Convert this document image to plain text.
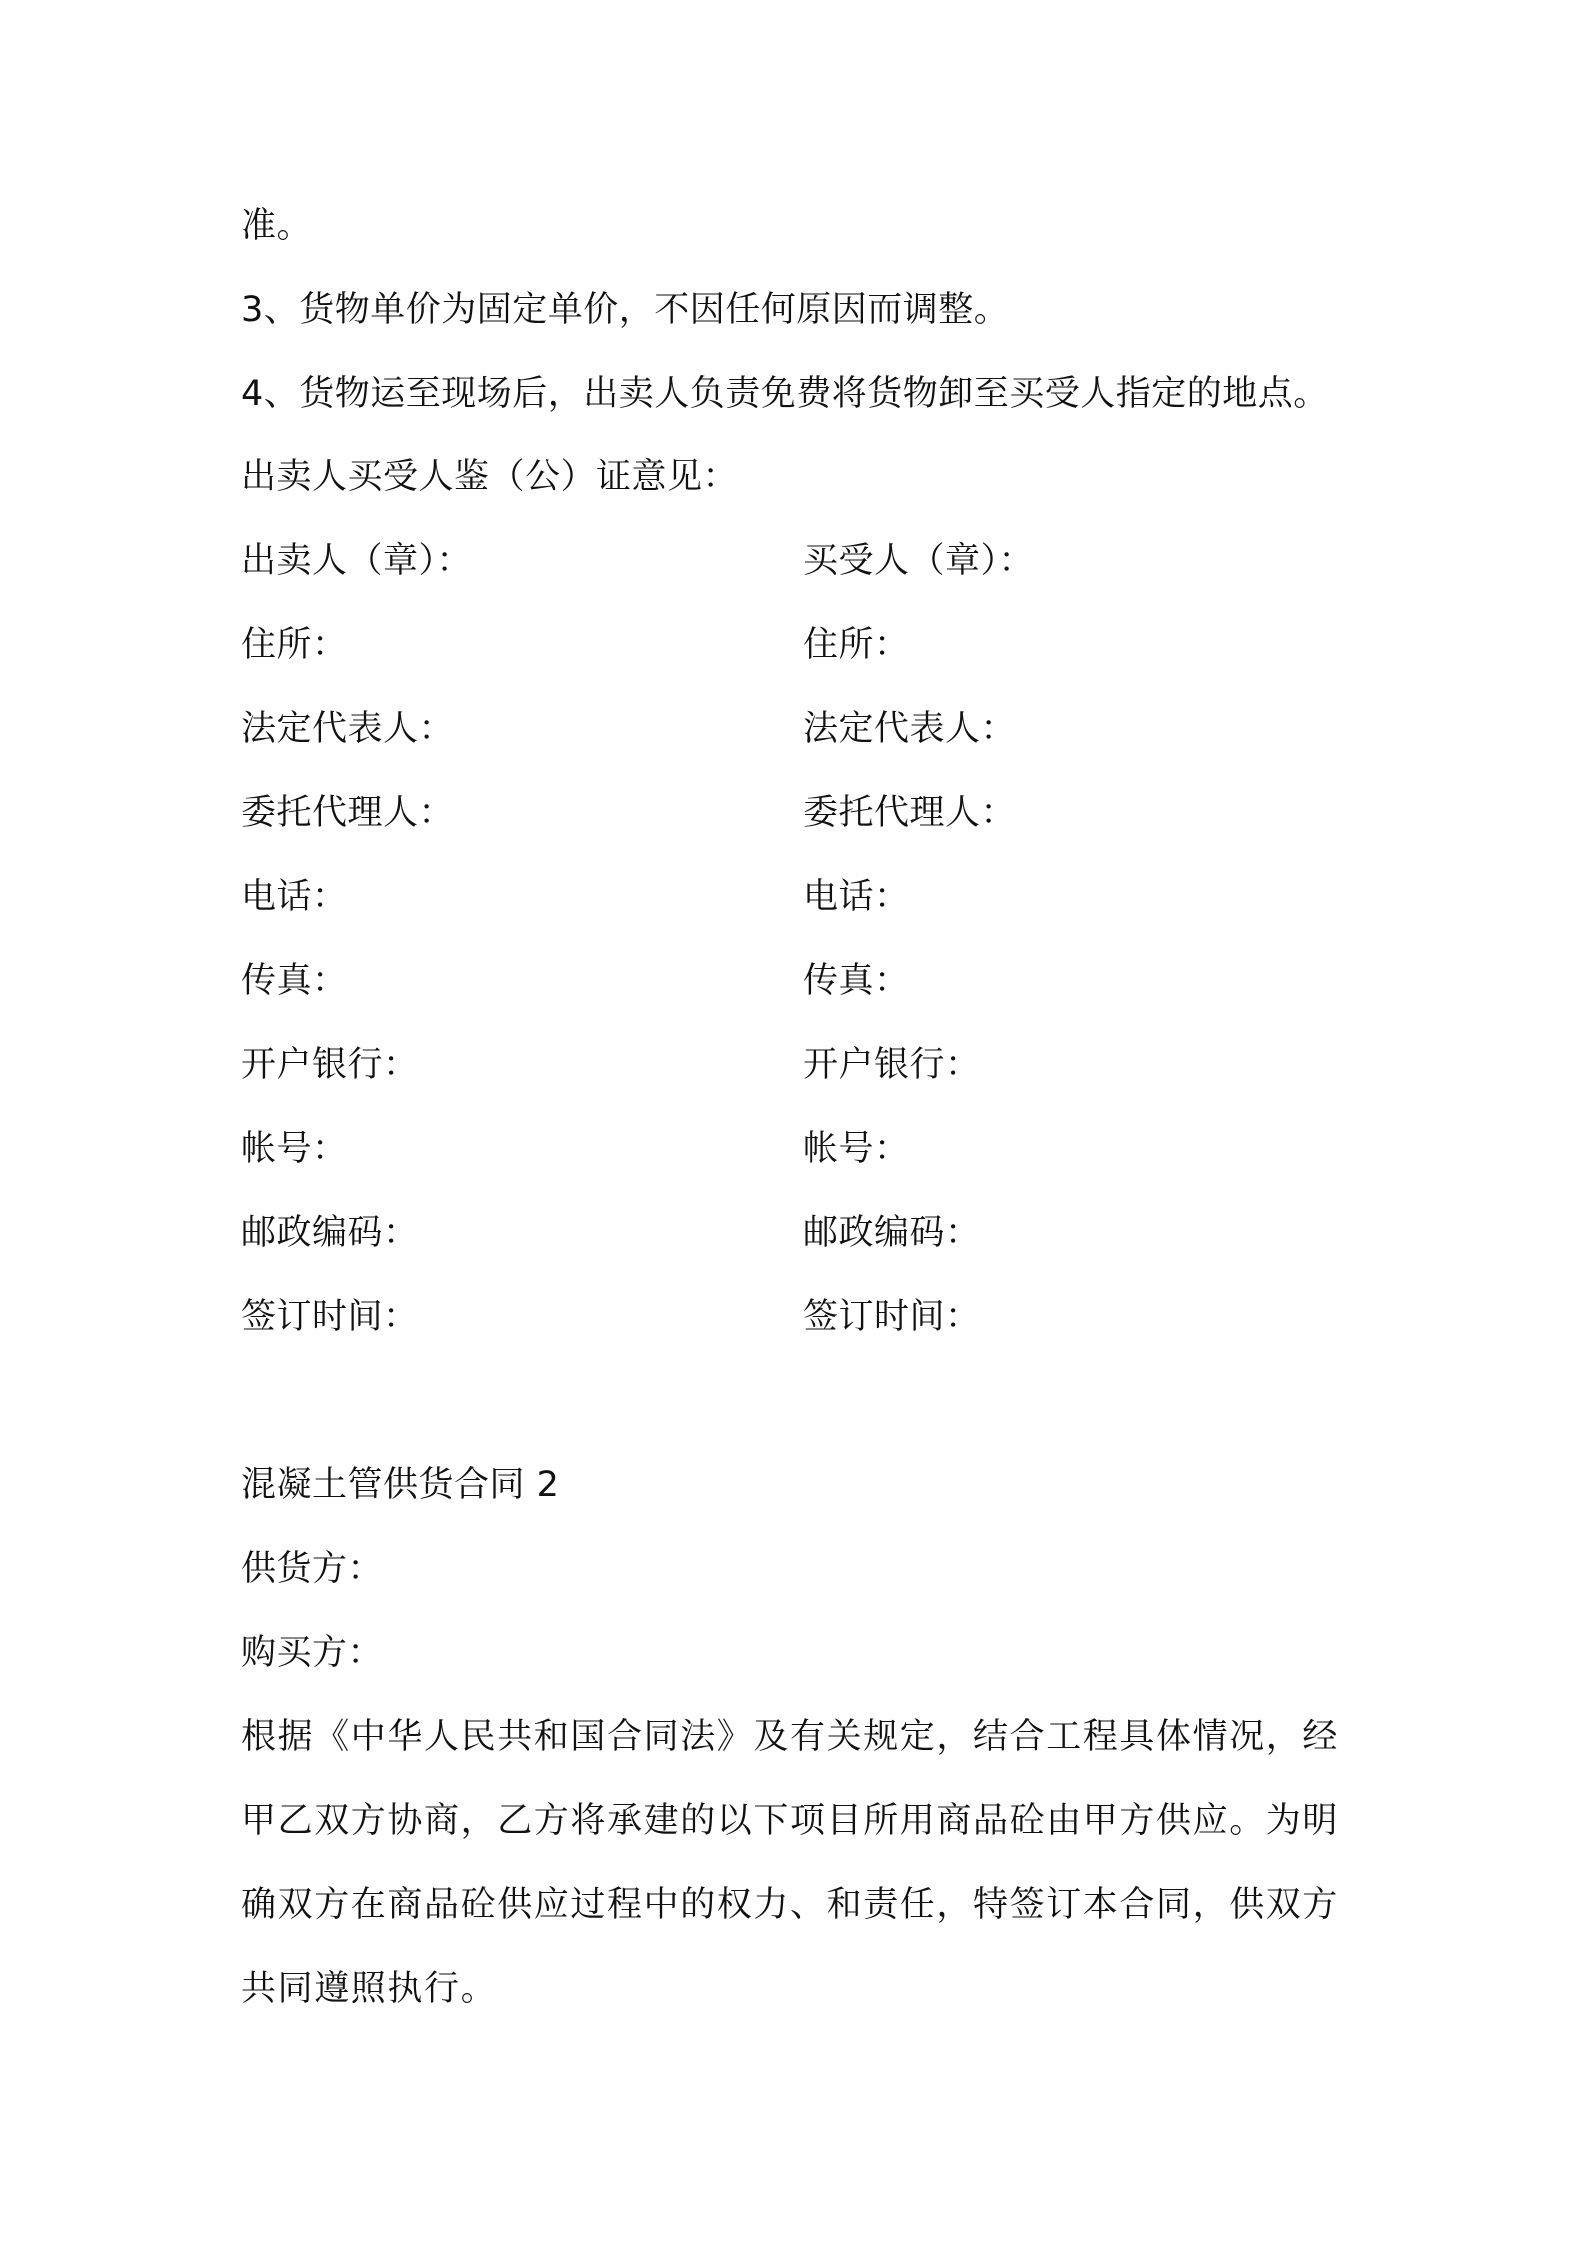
准。
3、货物单价为固定单价，不因任何原因而调整。
4、货物运至现场后，出卖人负责免费将货物卸至买受人指定的地点。
出卖人买受人鉴（公）证意见：
出卖人（章）：	买受人（章）：
住所：	住所：
法定代表人：	法定代表人：
委托代理人：	委托代理人：
电话：	电话：
传真：	传真：
开户银行：	开户银行：
帐号：	帐号：
邮政编码：	邮政编码：
签订时间：	签订时间：
混凝土管供货合同 2
供货方：
购买方：
根据《中华人民共和国合同法》及有关规定，结合工程具体情况，经
甲乙双方协商，乙方将承建的以下项目所用商品砼由甲方供应。为明
确双方在商品砼供应过程中的权力、和责任，特签订本合同，供双方
共同遵照执行。
